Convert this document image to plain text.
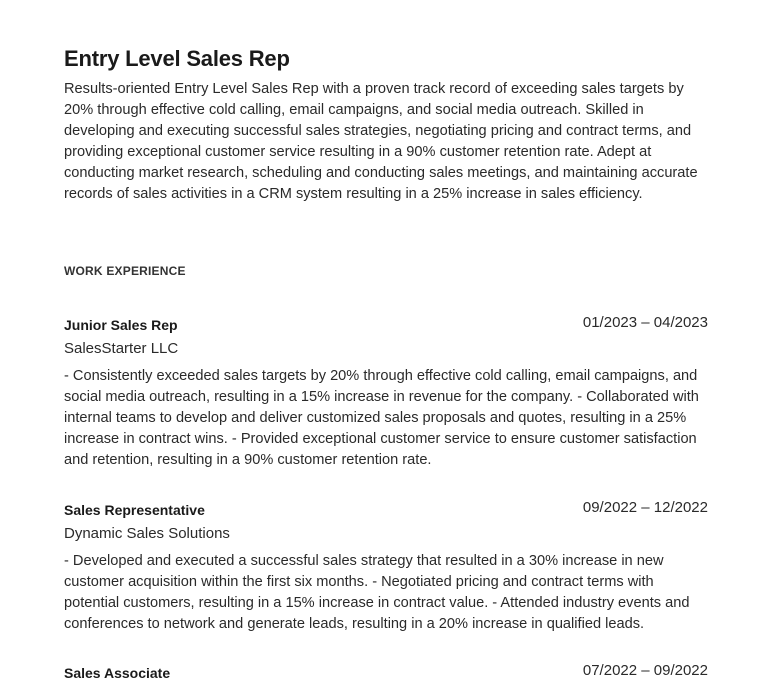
Entry Level Sales Rep

Results-oriented Entry Level Sales Rep with a proven track record of exceeding sales targets by 20% through effective cold calling, email campaigns, and social media outreach. Skilled in developing and executing successful sales strategies, negotiating pricing and contract terms, and providing exceptional customer service resulting in a 90% customer retention rate. Adept at conducting market research, scheduling and conducting sales meetings, and maintaining accurate records of sales activities in a CRM system resulting in a 25% increase in sales efficiency.

WORK EXPERIENCE
Junior Sales Rep	01/2023 – 04/2023
SalesStarter LLC
- Consistently exceeded sales targets by 20% through effective cold calling, email campaigns, and social media outreach, resulting in a 15% increase in revenue for the company. - Collaborated with internal teams to develop and deliver customized sales proposals and quotes, resulting in a 25% increase in contract wins. - Provided exceptional customer service to ensure customer satisfaction and retention, resulting in a 90% customer retention rate.
Sales Representative	09/2022 – 12/2022
Dynamic Sales Solutions
- Developed and executed a successful sales strategy that resulted in a 30% increase in new customer acquisition within the first six months. - Negotiated pricing and contract terms with potential customers, resulting in a 15% increase in contract value. - Attended industry events and conferences to network and generate leads, resulting in a 20% increase in qualified leads.
Sales Associate	07/2022 – 09/2022
